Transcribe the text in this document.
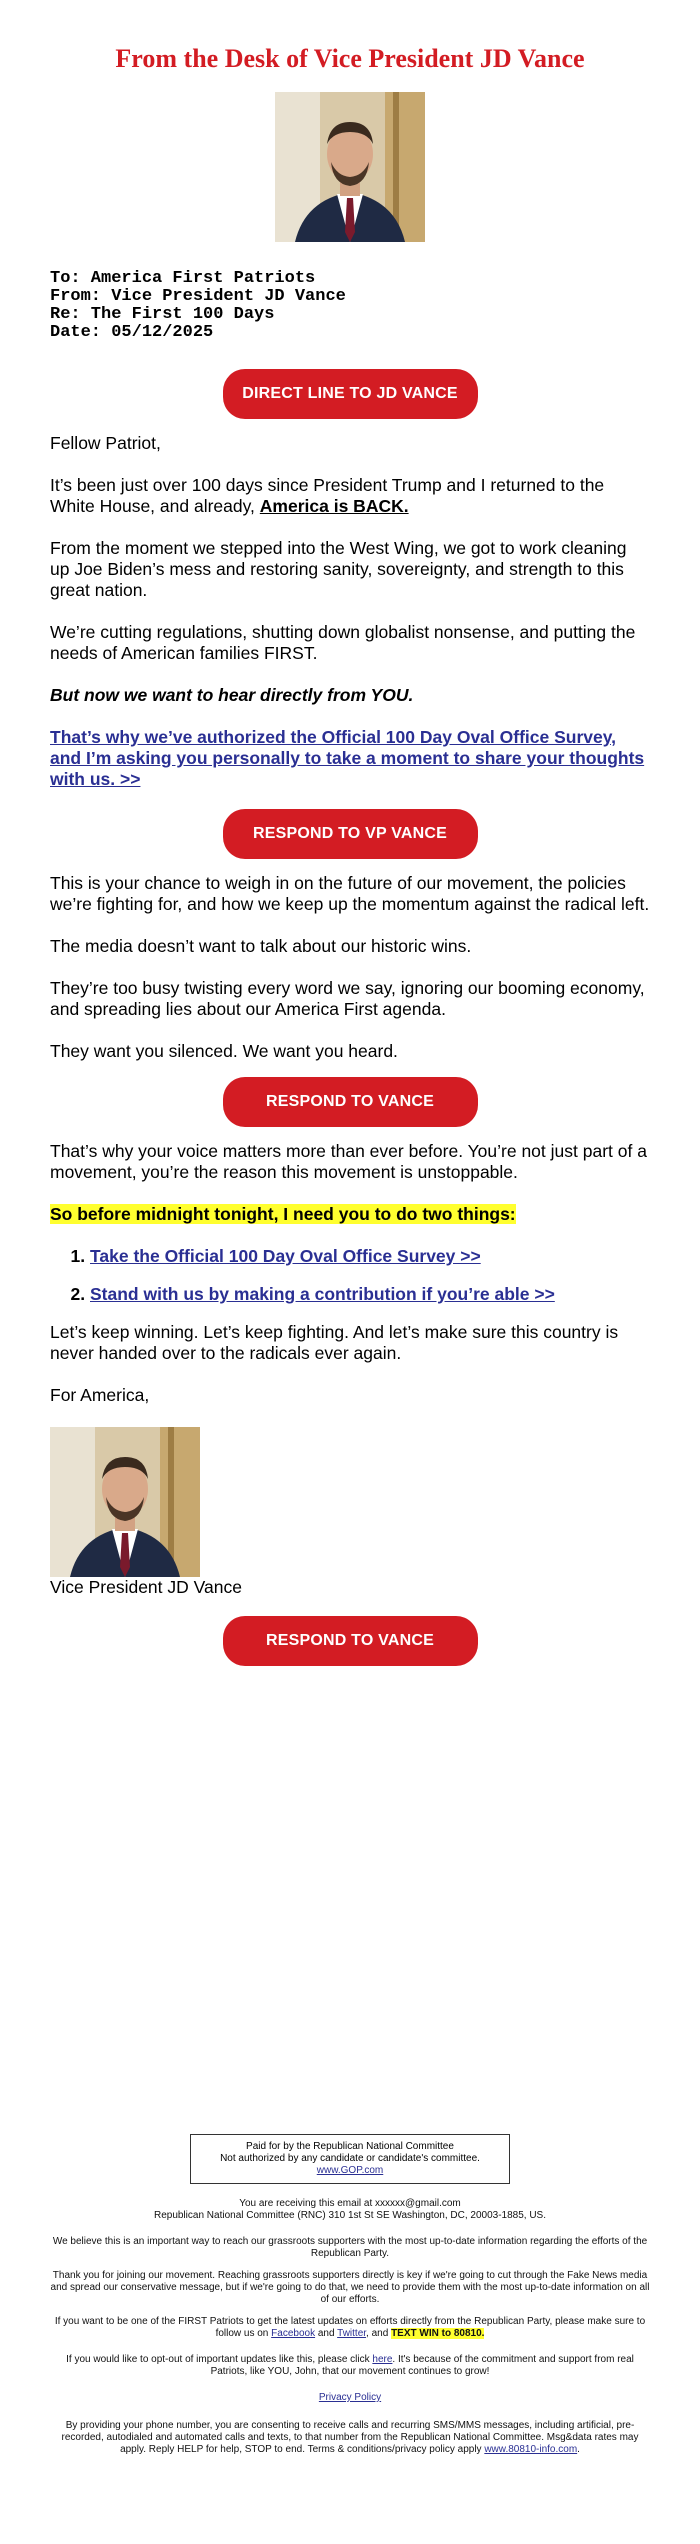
From the Desk of Vice President JD Vance
To: America First Patriots
From: Vice President JD Vance
Re: The First 100 Days
Date: 05/12/2025
DIRECT LINE TO JD VANCE

Fellow Patriot,

It’s been just over 100 days since President Trump and I returned to the White House, and already, America is BACK.

From the moment we stepped into the West Wing, we got to work cleaning up Joe Biden’s mess and restoring sanity, sovereignty, and strength to this great nation.

We’re cutting regulations, shutting down globalist nonsense, and putting the needs of American families FIRST.

But now we want to hear directly from YOU.

That’s why we’ve authorized the Official 100 Day Oval Office Survey, and I’m asking you personally to take a moment to share your thoughts with us. >>

RESPOND TO VP VANCE

This is your chance to weigh in on the future of our movement, the policies we’re fighting for, and how we keep up the momentum against the radical left.

The media doesn’t want to talk about our historic wins.

They’re too busy twisting every word we say, ignoring our booming economy, and spreading lies about our America First agenda.

They want you silenced. We want you heard.

RESPOND TO VANCE

That’s why your voice matters more than ever before. You’re not just part of a movement, you’re the reason this movement is unstoppable.

So before midnight tonight, I need you to do two things:

1. Take the Official 100 Day Oval Office Survey >>
2. Stand with us by making a contribution if you’re able >>

Let’s keep winning. Let’s keep fighting. And let’s make sure this country is never handed over to the radicals ever again.

For America,

Vice President JD Vance

RESPOND TO VANCE
Paid for by the Republican National Committee
Not authorized by any candidate or candidate's committee.
www.GOP.com
You are receiving this email at xxxxxx@gmail.com
Republican National Committee (RNC) 310 1st St SE Washington, DC, 20003-1885, US.
We believe this is an important way to reach our grassroots supporters with the most up-to-date information regarding the efforts of the Republican Party.
Thank you for joining our movement. Reaching grassroots supporters directly is key if we're going to cut through the Fake News media and spread our conservative message, but if we're going to do that, we need to provide them with the most up-to-date information on all of our efforts.
If you want to be one of the FIRST Patriots to get the latest updates on efforts directly from the Republican Party, please make sure to follow us on Facebook and Twitter, and TEXT WIN to 80810.
If you would like to opt-out of important updates like this, please click here. It's because of the commitment and support from real Patriots, like YOU, John, that our movement continues to grow!
Privacy Policy
By providing your phone number, you are consenting to receive calls and recurring SMS/MMS messages, including artificial, pre-recorded, autodialed and automated calls and texts, to that number from the Republican National Committee. Msg&data rates may apply. Reply HELP for help, STOP to end. Terms & conditions/privacy policy apply www.80810-info.com.
